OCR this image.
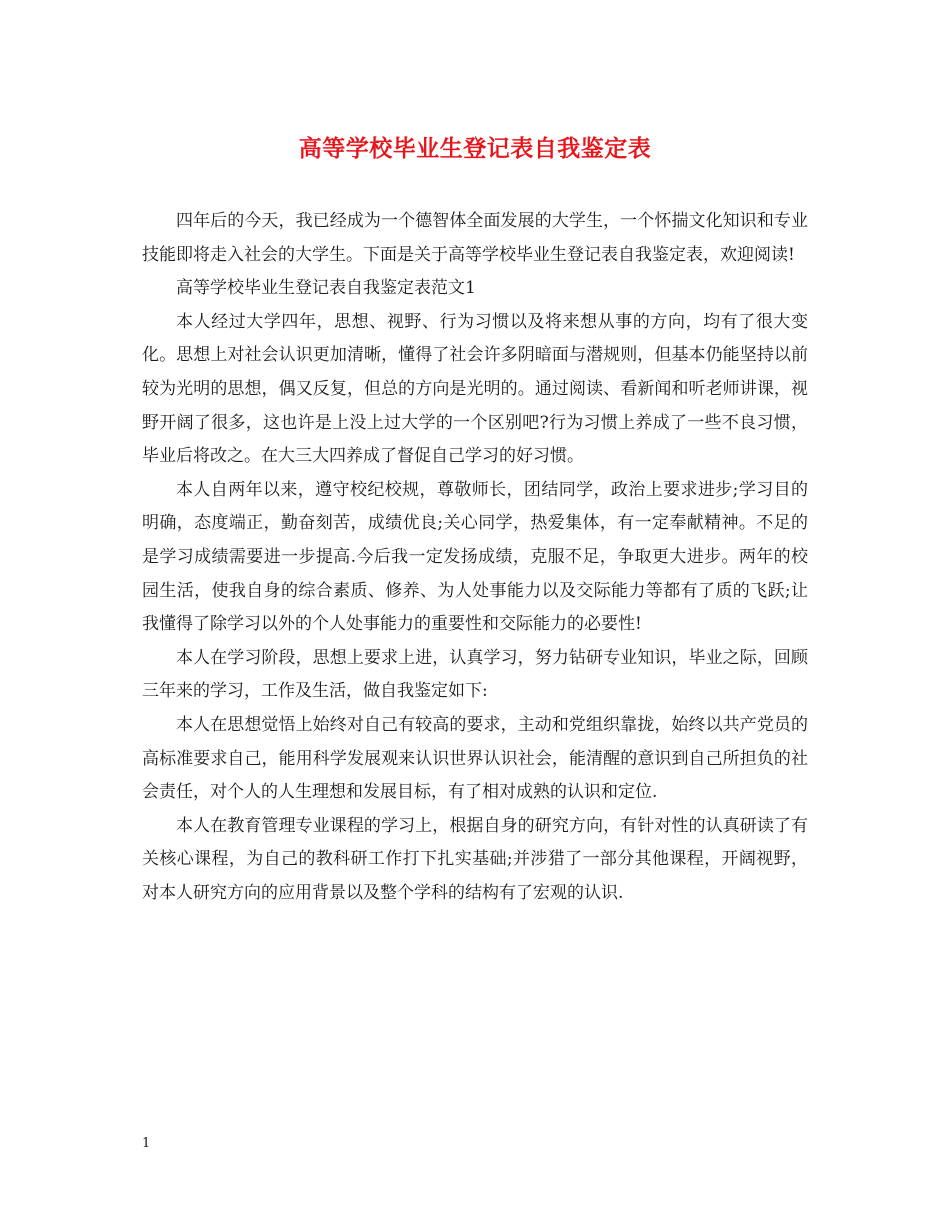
高等学校毕业生登记表自我鉴定表

四年后的今天，我已经成为一个德智体全面发展的大学生，一个怀揣文化知识和专业技能即将走入社会的大学生。下面是关于高等学校毕业生登记表自我鉴定表，欢迎阅读!

高等学校毕业生登记表自我鉴定表范文1

本人经过大学四年，思想、视野、行为习惯以及将来想从事的方向，均有了很大变化。思想上对社会认识更加清晰，懂得了社会许多阴暗面与潜规则，但基本仍能坚持以前较为光明的思想，偶又反复，但总的方向是光明的。通过阅读、看新闻和听老师讲课，视野开阔了很多，这也许是上没上过大学的一个区别吧?行为习惯上养成了一些不良习惯，毕业后将改之。在大三大四养成了督促自己学习的好习惯。

本人自两年以来，遵守校纪校规，尊敬师长，团结同学，政治上要求进步;学习目的明确，态度端正，勤奋刻苦，成绩优良;关心同学，热爱集体，有一定奉献精神。不足的是学习成绩需要进一步提高.今后我一定发扬成绩，克服不足，争取更大进步。两年的校园生活，使我自身的综合素质、修养、为人处事能力以及交际能力等都有了质的飞跃;让我懂得了除学习以外的个人处事能力的重要性和交际能力的必要性!

本人在学习阶段，思想上要求上进，认真学习，努力钻研专业知识，毕业之际，回顾三年来的学习，工作及生活，做自我鉴定如下:

本人在思想觉悟上始终对自己有较高的要求，主动和党组织靠拢，始终以共产党员的高标准要求自己，能用科学发展观来认识世界认识社会，能清醒的意识到自己所担负的社会责任，对个人的人生理想和发展目标，有了相对成熟的认识和定位.

本人在教育管理专业课程的学习上，根据自身的研究方向，有针对性的认真研读了有关核心课程，为自己的教科研工作打下扎实基础;并涉猎了一部分其他课程，开阔视野，对本人研究方向的应用背景以及整个学科的结构有了宏观的认识.

1
